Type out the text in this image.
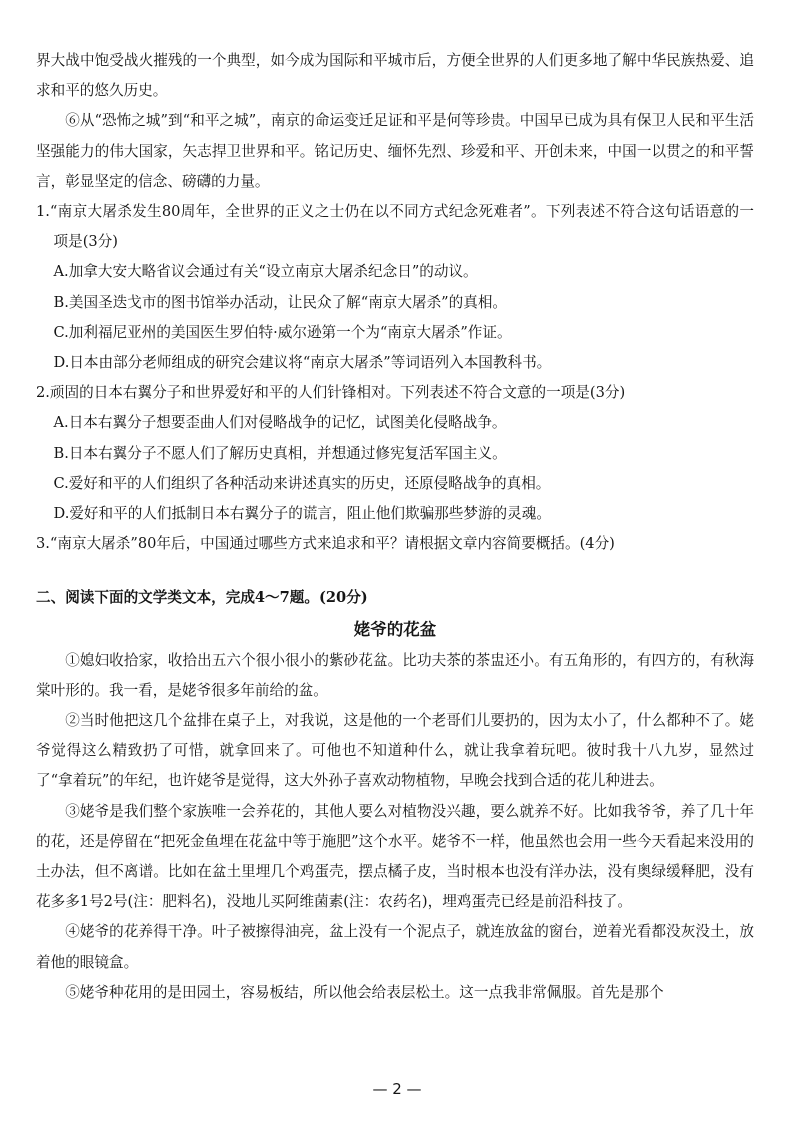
界大战中饱受战火摧残的一个典型，如今成为国际和平城市后，方便全世界的人们更多地了解中华民族热爱、追求和平的悠久历史。

⑥从“恐怖之城”到“和平之城”，南京的命运变迁足证和平是何等珍贵。中国早已成为具有保卫人民和平生活坚强能力的伟大国家，矢志捍卫世界和平。铭记历史、缅怀先烈、珍爱和平、开创未来，中国一以贯之的和平誓言，彰显坚定的信念、磅礴的力量。

1.“南京大屠杀发生80周年，全世界的正义之士仍在以不同方式纪念死难者”。下列表述不符合这句话语意的一项是(3分)

A.加拿大安大略省议会通过有关“设立南京大屠杀纪念日”的动议。

B.美国圣迭戈市的图书馆举办活动，让民众了解“南京大屠杀”的真相。

C.加利福尼亚州的美国医生罗伯特·威尔逊第一个为“南京大屠杀”作证。

D.日本由部分老师组成的研究会建议将“南京大屠杀”等词语列入本国教科书。

2.顽固的日本右翼分子和世界爱好和平的人们针锋相对。下列表述不符合文意的一项是(3分)

A.日本右翼分子想要歪曲人们对侵略战争的记忆，试图美化侵略战争。

B.日本右翼分子不愿人们了解历史真相，并想通过修宪复活军国主义。

C.爱好和平的人们组织了各种活动来讲述真实的历史，还原侵略战争的真相。

D.爱好和平的人们抵制日本右翼分子的谎言，阻止他们欺骗那些梦游的灵魂。

3.“南京大屠杀”80年后，中国通过哪些方式来追求和平？请根据文章内容简要概括。(4分)

二、阅读下面的文学类文本，完成4～7题。(20分)

姥爷的花盆

①媳妇收拾家，收拾出五六个很小很小的紫砂花盆。比功夫茶的茶盅还小。有五角形的，有四方的，有秋海棠叶形的。我一看，是姥爷很多年前给的盆。

②当时他把这几个盆排在桌子上，对我说，这是他的一个老哥们儿要扔的，因为太小了，什么都种不了。姥爷觉得这么精致扔了可惜，就拿回来了。可他也不知道种什么，就让我拿着玩吧。彼时我十八九岁，显然过了“拿着玩”的年纪，也许姥爷是觉得，这大外孙子喜欢动物植物，早晚会找到合适的花儿种进去。

③姥爷是我们整个家族唯一会养花的，其他人要么对植物没兴趣，要么就养不好。比如我爷爷，养了几十年的花，还是停留在“把死金鱼埋在花盆中等于施肥”这个水平。姥爷不一样，他虽然也会用一些今天看起来没用的土办法，但不离谱。比如在盆土里埋几个鸡蛋壳，摆点橘子皮，当时根本也没有洋办法，没有奥绿缓释肥，没有花多多1号2号(注：肥料名)，没地儿买阿维菌素(注：农药名)，埋鸡蛋壳已经是前沿科技了。

④姥爷的花养得干净。叶子被擦得油亮，盆上没有一个泥点子，就连放盆的窗台，逆着光看都没灰没土，放着他的眼镜盒。

⑤姥爷种花用的是田园土，容易板结，所以他会给表层松土。这一点我非常佩服。首先是那个

— 2 —
